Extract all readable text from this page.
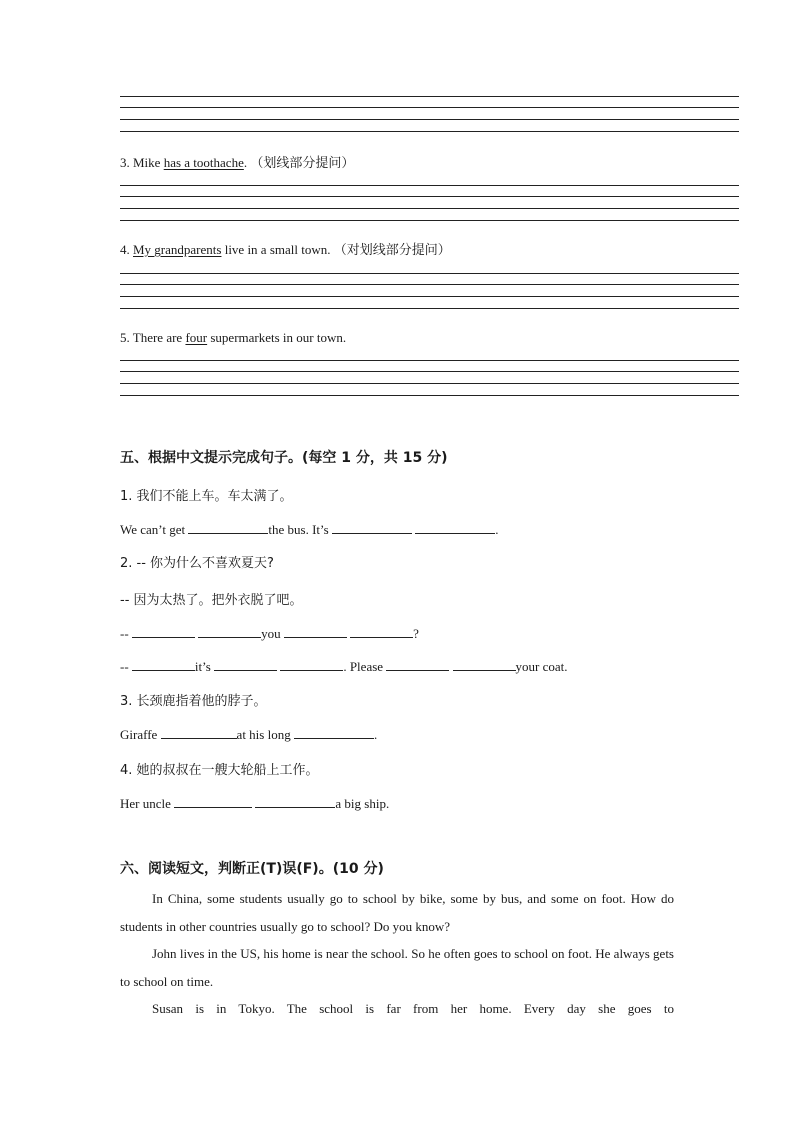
3. Mike has a toothache. （划线部分提问）
4. My grandparents live in a small town. （对划线部分提问）
5. There are four supermarkets in our town.
五、根据中文提示完成句子。(每空 1 分，共 15 分)
1. 我们不能上车。车太满了。
We can’t get	the bus. It’s	.
2. -- 你为什么不喜欢夏天?
-- 因为太热了。把外衣脱了吧。
--	you	?
--	it’s	. Please	your coat.
3. 长颈鹿指着他的脖子。
Giraffe	at his long	.
4. 她的叔叔在一艘大轮船上工作。
Her uncle	a big ship.
六、阅读短文，判断正(T)误(F)。(10 分)

In China, some students usually go to school by bike, some by bus, and some on foot. How do students in other countries usually go to school? Do you know?

John lives in the US, his home is near the school. So he often goes to school on foot. He always gets to school on time.

Susan is in Tokyo. The school is far from her home. Every day she goes to
